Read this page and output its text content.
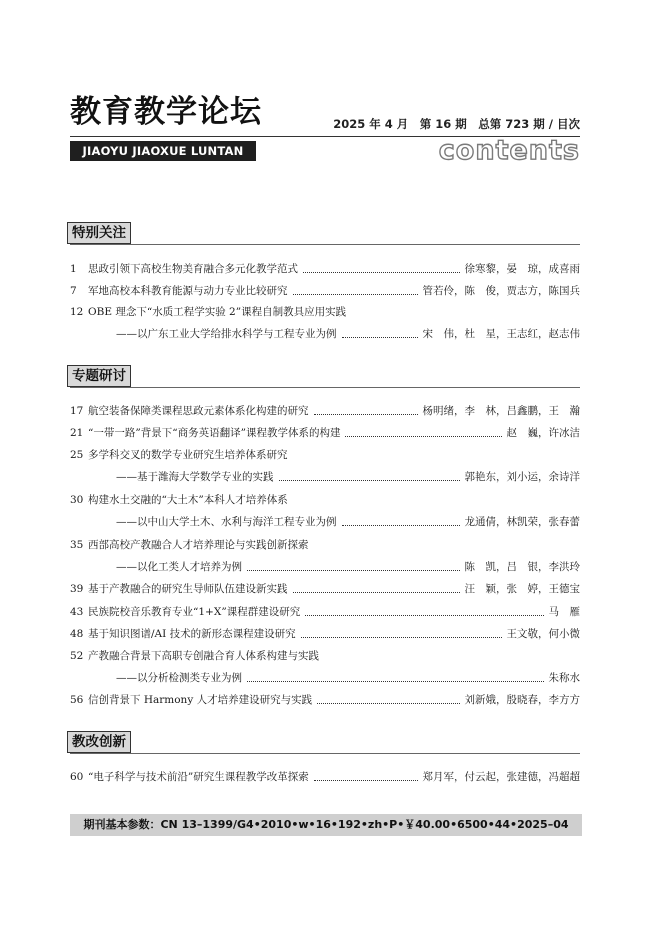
教育教学论坛	2025 年 4 月　第 16 期　总第 723 期 / 目次
JIAOYU JIAOXUE LUNTAN	contents
特别关注
1	思政引领下高校生物美育融合多元化教学范式	徐寒黎，晏　琼，成喜雨
7	军地高校本科教育能源与动力专业比较研究	管若伶，陈　俊，贾志方，陈国兵
12 OBE 理念下“水质工程学实验 2”课程自制教具应用实践
——以广东工业大学给排水科学与工程专业为例	宋　伟，杜　星，王志红，赵志伟
专题研讨
17 航空装备保障类课程思政元素体系化构建的研究	杨明绪，李　林，吕鑫鹏，王　瀚
21 “一带一路”背景下“商务英语翻译”课程教学体系的构建	赵　巍，许冰洁
25 多学科交叉的数学专业研究生培养体系研究
——基于潍海大学数学专业的实践	郭艳东，刘小运，余诗洋
30 构建水土交融的“大土木”本科人才培养体系
——以中山大学土木、水利与海洋工程专业为例	龙通倩，林凯荣，张春蕾
35 西部高校产教融合人才培养理论与实践创新探索
——以化工类人才培养为例	陈　凯，吕　银，李洪玲
39 基于产教融合的研究生导师队伍建设新实践	汪　颖，张　婷，王德宝
43 民族院校音乐教育专业“1+X”课程群建设研究	马　雁
48 基于知识图谱/AI 技术的新形态课程建设研究	王文敬，何小微
52 产教融合背景下高职专创融合育人体系构建与实践
——以分析检测类专业为例	朱称水
56 信创背景下 Harmony 人才培养建设研究与实践	刘新娥，殷晓春，李方方
教改创新
60 “电子科学与技术前沿”研究生课程教学改革探索	郑月军，付云起，张建德，冯超超
期刊基本参数：CN 13–1399/G4•2010•w•16•192•zh•P•￥40.00•6500•44•2025–04
